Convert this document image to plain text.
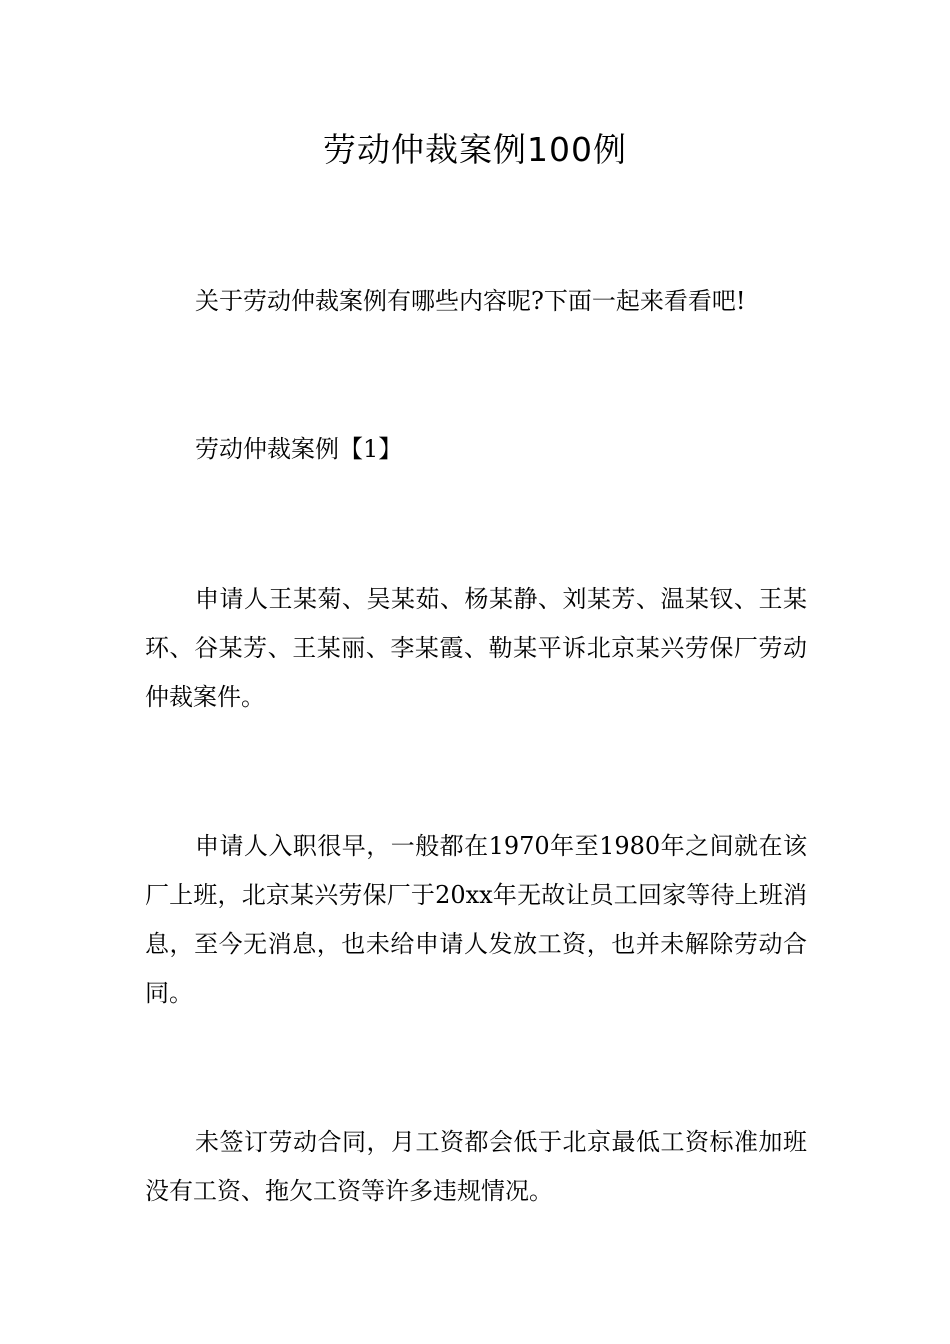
劳动仲裁案例100例

关于劳动仲裁案例有哪些内容呢?下面一起来看看吧!

劳动仲裁案例【1】

申请人王某菊、吴某茹、杨某静、刘某芳、温某钗、王某环、谷某芳、王某丽、李某霞、勒某平诉北京某兴劳保厂劳动仲裁案件。

申请人入职很早，一般都在1970年至1980年之间就在该厂上班，北京某兴劳保厂于20xx年无故让员工回家等待上班消息，至今无消息，也未给申请人发放工资，也并未解除劳动合同。

未签订劳动合同，月工资都会低于北京最低工资标准加班没有工资、拖欠工资等许多违规情况。
